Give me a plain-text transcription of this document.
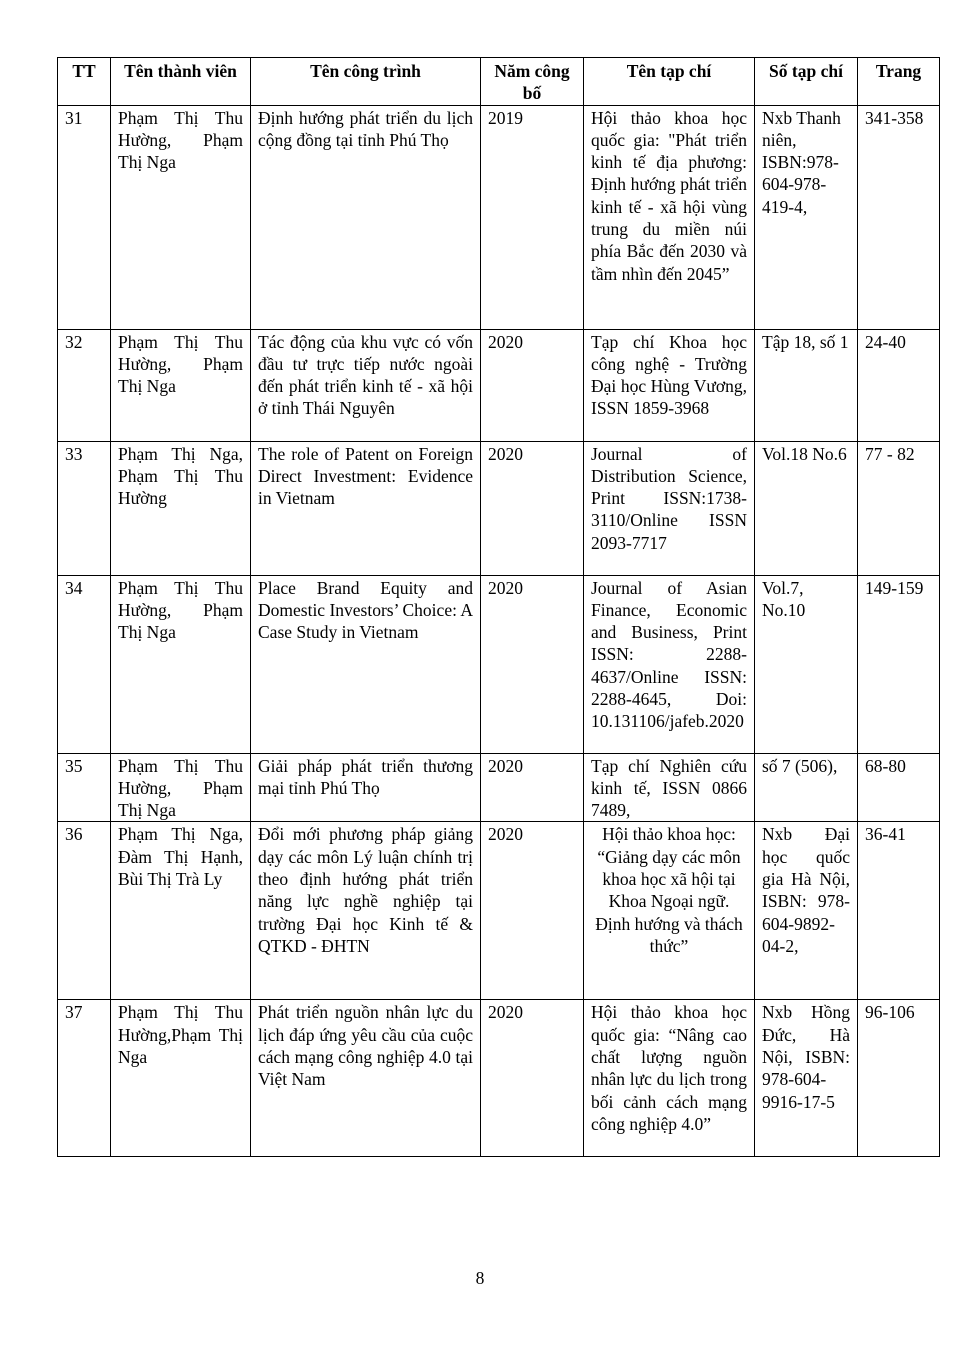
TT	Tên thành viên	Tên công trình	Năm công bố	Tên tạp chí	Số tạp chí	Trang
31	Phạm Thị Thu Hường, Phạm Thị Nga	Định hướng phát triển du lịch cộng đồng tại tỉnh Phú Thọ	2019	Hội thảo khoa học quốc gia: "Phát triển kinh tế địa phương: Định hướng phát triển kinh tế - xã hội vùng trung du miền núi phía Bắc đến 2030 và tầm nhìn đến 2045”	Nxb Thanh niên, ISBN:978-604-978-419-4,	341-358
32	Phạm Thị Thu Hường, Phạm Thị Nga	Tác động của khu vực có vốn đầu tư trực tiếp nước ngoài đến phát triển kinh tế - xã hội ở tỉnh Thái Nguyên	2020	Tạp chí Khoa học công nghệ - Trường Đại học Hùng Vương, ISSN 1859-3968	Tập 18, số 1	24-40
33	Phạm Thị Nga, Phạm Thị Thu Hường	The role of Patent on Foreign Direct Investment: Evidence in Vietnam	2020	Journal of Distribution Science, Print ISSN:1738-3110/Online ISSN 2093-7717	Vol.18 No.6	77 - 82
34	Phạm Thị Thu Hường, Phạm Thị Nga	Place Brand Equity and Domestic Investors’ Choice: A Case Study in Vietnam	2020	Journal of Asian Finance, Economic and Business, Print ISSN: 2288-4637/Online ISSN: 2288-4645, Doi: 10.131106/jafeb.2020	Vol.7, No.10	149-159
35	Phạm Thị Thu Hường, Phạm Thị Nga	Giải pháp phát triển thương mại tỉnh Phú Thọ	2020	Tạp chí Nghiên cứu kinh tế, ISSN 0866 7489,	số 7 (506),	68-80
36	Phạm Thị Nga, Đàm Thị Hạnh, Bùi Thị Trà Ly	Đổi mới phương pháp giảng dạy các môn Lý luận chính trị theo định hướng phát triển năng lực nghề nghiệp tại trường Đại học Kinh tế & QTKD - ĐHTN	2020	Hội thảo khoa học: “Giảng dạy các môn khoa học xã hội tại Khoa Ngoại ngữ. Định hướng và thách thức”	Nxb Đại học quốc gia Hà Nội, ISBN: 978-604-9892-04-2,	36-41
37	Phạm Thị Thu Hường,Phạm Thị Nga	Phát triển nguồn nhân lực du lịch đáp ứng yêu cầu của cuộc cách mạng công nghiệp 4.0 tại Việt Nam	2020	Hội thảo khoa học quốc gia: “Nâng cao chất lượng nguồn nhân lực du lịch trong bối cảnh cách mạng công nghiệp 4.0”	Nxb Hồng Đức, Hà Nội, ISBN: 978-604-9916-17-5	96-106
8
